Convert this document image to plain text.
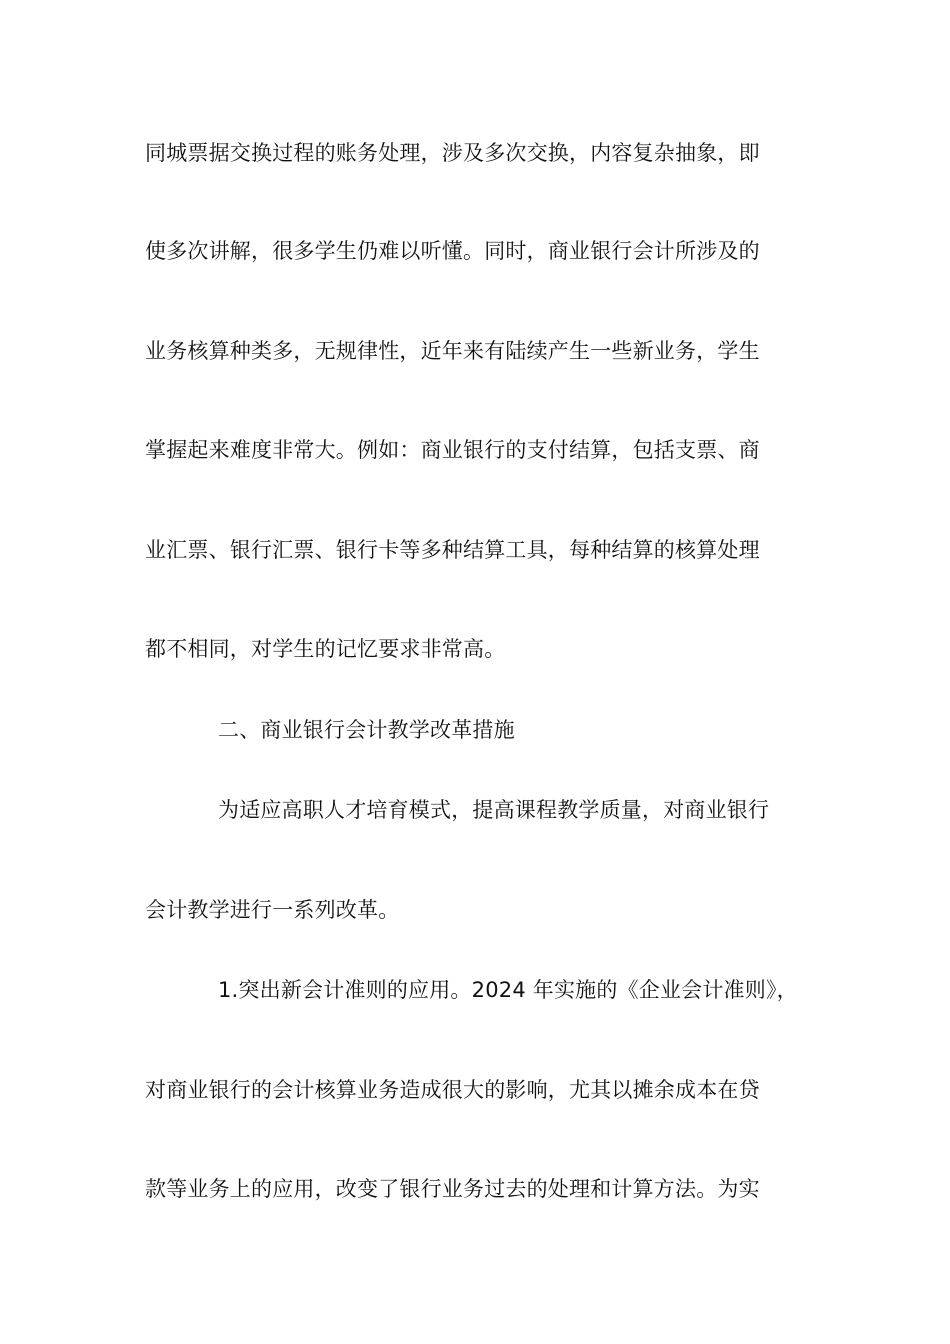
同城票据交换过程的账务处理，涉及多次交换，内容复杂抽象，即
使多次讲解，很多学生仍难以听懂。同时，商业银行会计所涉及的
业务核算种类多，无规律性，近年来有陆续产生一些新业务，学生
掌握起来难度非常大。例如：商业银行的支付结算，包括支票、商
业汇票、银行汇票、银行卡等多种结算工具，每种结算的核算处理
都不相同，对学生的记忆要求非常高。
二、商业银行会计教学改革措施
为适应高职人才培育模式，提高课程教学质量，对商业银行
会计教学进行一系列改革。
1.突出新会计准则的应用。2024 年实施的《企业会计准则》，
对商业银行的会计核算业务造成很大的影响，尤其以摊余成本在贷
款等业务上的应用，改变了银行业务过去的处理和计算方法。为实
